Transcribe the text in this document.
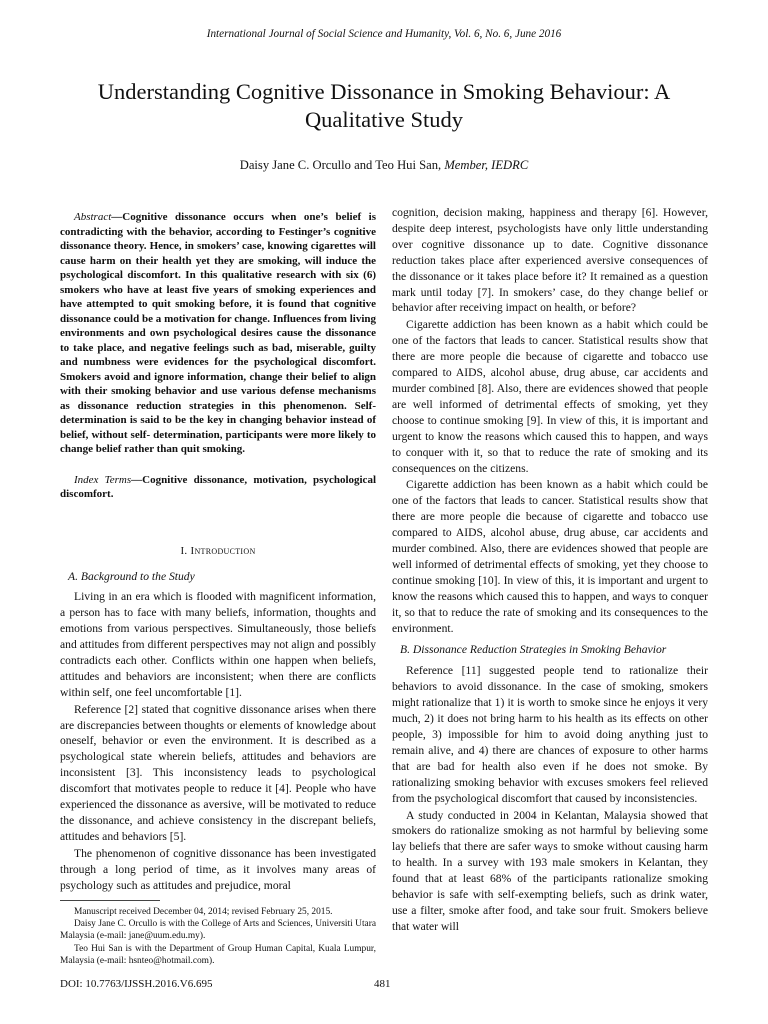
International Journal of Social Science and Humanity, Vol. 6, No. 6, June 2016
Understanding Cognitive Dissonance in Smoking Behaviour: A Qualitative Study
Daisy Jane C. Orcullo and Teo Hui San, Member, IEDRC
Abstract—Cognitive dissonance occurs when one’s belief is contradicting with the behavior, according to Festinger’s cognitive dissonance theory. Hence, in smokers’ case, knowing cigarettes will cause harm on their health yet they are smoking, will induce the psychological discomfort. In this qualitative research with six (6) smokers who have at least five years of smoking experiences and have attempted to quit smoking before, it is found that cognitive dissonance could be a motivation for change. Influences from living environments and own psychological desires cause the dissonance to take place, and negative feelings such as bad, miserable, guilty and numbness were evidences for the psychological discomfort. Smokers avoid and ignore information, change their belief to align with their smoking behavior and use various defense mechanisms as dissonance reduction strategies in this phenomenon. Self-determination is said to be the key in changing behavior instead of belief, without self- determination, participants were more likely to change belief rather than quit smoking.
Index Terms—Cognitive dissonance, motivation, psychological discomfort.
I. Introduction
A. Background to the Study

Living in an era which is flooded with magnificent information, a person has to face with many beliefs, information, thoughts and emotions from various perspectives. Simultaneously, those beliefs and attitudes from different perspectives may not align and possibly contradicts each other. Conflicts within one happen when beliefs, attitudes and behaviors are inconsistent; when there are conflicts within self, one feel uncomfortable [1].

Reference [2] stated that cognitive dissonance arises when there are discrepancies between thoughts or elements of knowledge about oneself, behavior or even the environment. It is described as a psychological state wherein beliefs, attitudes and behaviors are inconsistent [3]. This inconsistency leads to psychological discomfort that motivates people to reduce it [4]. People who have experienced the dissonance as aversive, will be motivated to reduce the dissonance, and achieve consistency in the discrepant beliefs, attitudes and behaviors [5].

The phenomenon of cognitive dissonance has been investigated through a long period of time, as it involves many areas of psychology such as attitudes and prejudice, moral

Manuscript received December 04, 2014; revised February 25, 2015.

Daisy Jane C. Orcullo is with the College of Arts and Sciences, Universiti Utara Malaysia (e-mail: jane@uum.edu.my).

Teo Hui San is with the Department of Group Human Capital, Kuala Lumpur, Malaysia (e-mail: hsnteo@hotmail.com).

cognition, decision making, happiness and therapy [6]. However, despite deep interest, psychologists have only little understanding over cognitive dissonance up to date. Cognitive dissonance reduction takes place after experienced aversive consequences of the dissonance or it takes place before it? It remained as a question mark until today [7]. In smokers’ case, do they change belief or behavior after receiving impact on health, or before?

Cigarette addiction has been known as a habit which could be one of the factors that leads to cancer. Statistical results show that there are more people die because of cigarette and tobacco use compared to AIDS, alcohol abuse, drug abuse, car accidents and murder combined [8]. Also, there are evidences showed that people are well informed of detrimental effects of smoking, yet they choose to continue smoking [9]. In view of this, it is important and urgent to know the reasons which caused this to happen, and ways to conquer with it, so that to reduce the rate of smoking and its consequences on the citizens.

Cigarette addiction has been known as a habit which could be one of the factors that leads to cancer. Statistical results show that there are more people die because of cigarette and tobacco use compared to AIDS, alcohol abuse, drug abuse, car accidents and murder combined. Also, there are evidences showed that people are well informed of detrimental effects of smoking, yet they choose to continue smoking [10]. In view of this, it is important and urgent to know the reasons which caused this to happen, and ways to conquer it, so that to reduce the rate of smoking and its consequences to the environment.

B. Dissonance Reduction Strategies in Smoking Behavior

Reference [11] suggested people tend to rationalize their behaviors to avoid dissonance. In the case of smoking, smokers might rationalize that 1) it is worth to smoke since he enjoys it very much, 2) it does not bring harm to his health as its effects on other people, 3) impossible for him to avoid doing anything just to remain alive, and 4) there are chances of exposure to other harms that are bad for health also even if he does not smoke. By rationalizing smoking behavior with excuses smokers feel relieved from the psychological discomfort that caused by inconsistencies.

A study conducted in 2004 in Kelantan, Malaysia showed that smokers do rationalize smoking as not harmful by believing some lay beliefs that there are safer ways to smoke without causing harm to health. In a survey with 193 male smokers in Kelantan, they found that at least 68% of the participants rationalize smoking behavior is safe with self-exempting beliefs, such as drink water, use a filter, smoke after food, and take sour fruit. Smokers believe that water will

DOI: 10.7763/IJSSH.2016.V6.695	481
